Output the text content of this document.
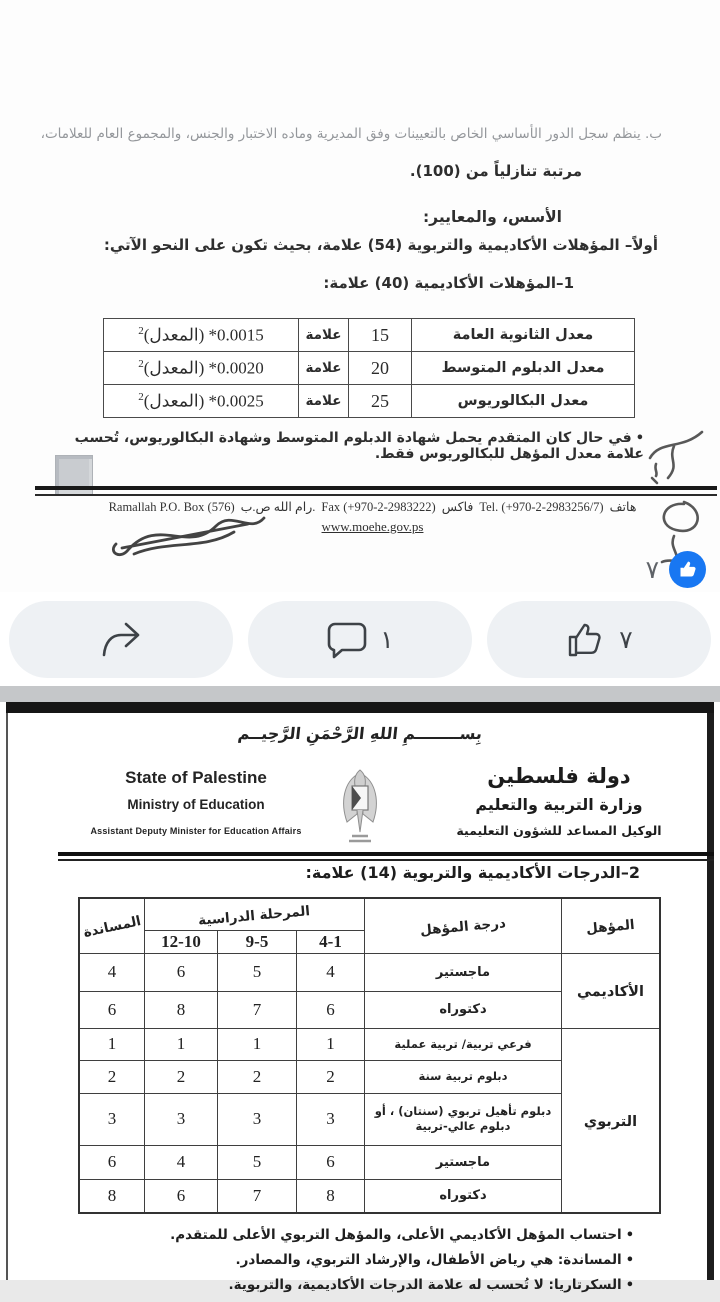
ب. ينظم سجل الدور الأساسي الخاص بالتعيينات وفق المديرية وماده الاختبار والجنس، والمجموع العام للعلامات،
مرتبة تنازلياً من (100).
الأسس، والمعايير:
أولاً– المؤهلات الأكاديمية والتربوية (54) علامة، بحيث تكون على النحو الآتي:
1–المؤهلات الأكاديمية (40) علامة:
$^2$(المعدل) *0.0015	علامة	15	معدل الثانوية العامة
$^2$(المعدل) *0.0020	علامة	20	معدل الدبلوم المتوسط
$^2$(المعدل) *0.0025	علامة	25	معدل البكالوريوس
•في حال كان المتقدم يحمل شهادة الدبلوم المتوسط وشهادة البكالوريوس، تُحسب علامة معدل المؤهل للبكالوريوس فقط.
Ramallah P.O. Box (576) رام الله ص.ب. Fax (+970-2-2983222) فاكس Tel. (+970-2-2983256/7) هاتف
www.moehe.gov.ps
٧
١	٧
بِســــــــمِ اللهِ الرَّحْمَنِ الرَّحِيــم
دولة فلسطين
وزارة التربية والتعليم
الوكيل المساعد للشؤون التعليمية
State of Palestine
Ministry of Education
Assistant Deputy Minister for Education Affairs
2–الدرجات الأكاديمية والتربوية (14) علامة:
المساندة	المرحلة الدراسية			درجة المؤهل	المؤهل
	12-10	9-5	4-1		
4	6	5	4	ماجستير	الأكاديمي
6	8	7	6	دكتوراه	
1	1	1	1	فرعي تربية/ تربية عملية	التربوي
2	2	2	2	دبلوم تربية سنة	
3	3	3	3	دبلوم تأهيل تربوي (سنتان) ، أو دبلوم عالي-تربية	
6	4	5	6	ماجستير	
8	6	7	8	دكتوراه	
•احتساب المؤهل الأكاديمي الأعلى، والمؤهل التربوي الأعلى للمتقدم.
•المساندة: هي رياض الأطفال، والإرشاد التربوي، والمصادر.
•السكرتاريا: لا تُحسب له علامة الدرجات الأكاديمية، والتربوية.
